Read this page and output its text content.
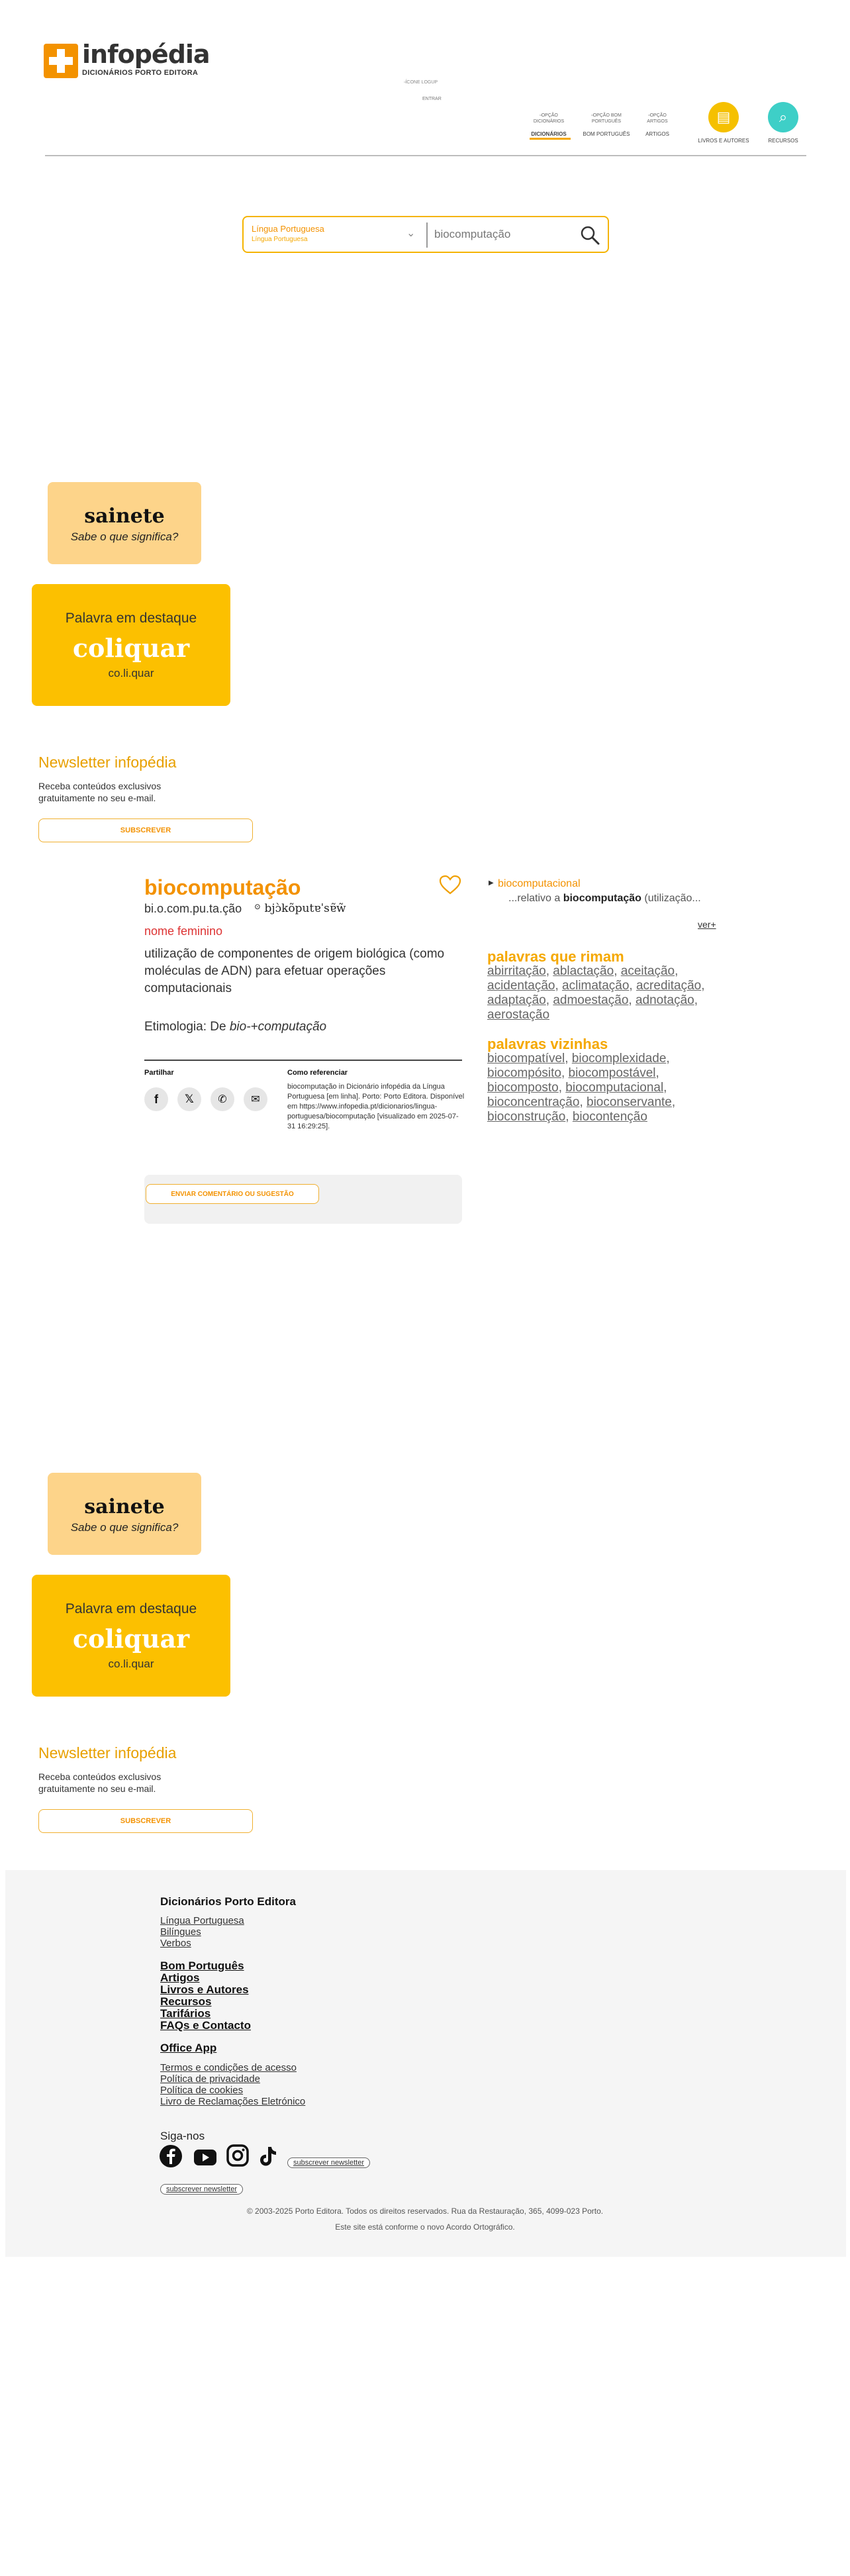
infopédia
DICIONÁRIOS PORTO EDITORA
▫ÍCONE LOGUP
ENTRAR
▫OPÇÃO DICIONÁRIOS
DICIONÁRIOS
▫OPÇÃO BOM PORTUGUÊS
BOM PORTUGUÊS
▫OPÇÃO ARTIGOS
ARTIGOS
▤
LIVROS E AUTORES
⌕
RECURSOS
Língua Portuguesa
Língua Portuguesa
⌄ biocomputação
sainete
Sabe o que significa?
Palavra em destaque
coliquar
co.li.quar
Newsletter infopédia
Receba conteúdos exclusivos gratuitamente no seu e-mail.
SUBSCREVER
biocomputação
bi.o.com.pu.ta.ção ⊙ bjɔ̀kõputɐˈsɐ̃w̃
nome feminino
utilização de componentes de origem biológica (como moléculas de ADN) para efetuar operações computacionais
Etimologia: De bio-+computação
Partilhar
f	𝕏	✆	✉
Como referenciar
biocomputação in Dicionário infopédia da Língua Portuguesa [em linha]. Porto: Porto Editora. Disponível em https://www.infopedia.pt/dicionarios/lingua-portuguesa/biocomputação [visualizado em 2025-07-31 16:29:25].
ENVIAR COMENTÁRIO OU SUGESTÃO
▶ biocomputacional
...relativo a biocomputação (utilização...
ver+
palavras que rimam
abirritação, ablactação, aceitação, acidentação, aclimatação, acreditação, adaptação, admoestação, adnotação, aerostação
palavras vizinhas
biocompatível, biocomplexidade, biocompósito, biocompostável, biocomposto, biocomputacional, bioconcentração, bioconservante, bioconstrução, biocontenção
sainete
Sabe o que significa?
Palavra em destaque
coliquar
co.li.quar
Newsletter infopédia
Receba conteúdos exclusivos gratuitamente no seu e-mail.
SUBSCREVER
Dicionários Porto Editora
Língua Portuguesa
Bilíngues
Verbos
Bom Português
Artigos
Livros e Autores
Recursos
Tarifários
FAQs e Contacto
Office App
Termos e condições de acesso
Política de privacidade
Política de cookies
Livro de Reclamações Eletrónico
Siga-nos
subscrever newsletter
subscrever newsletter
© 2003-2025 Porto Editora. Todos os direitos reservados. Rua da Restauração, 365, 4099-023 Porto.
Este site está conforme o novo Acordo Ortográfico.
